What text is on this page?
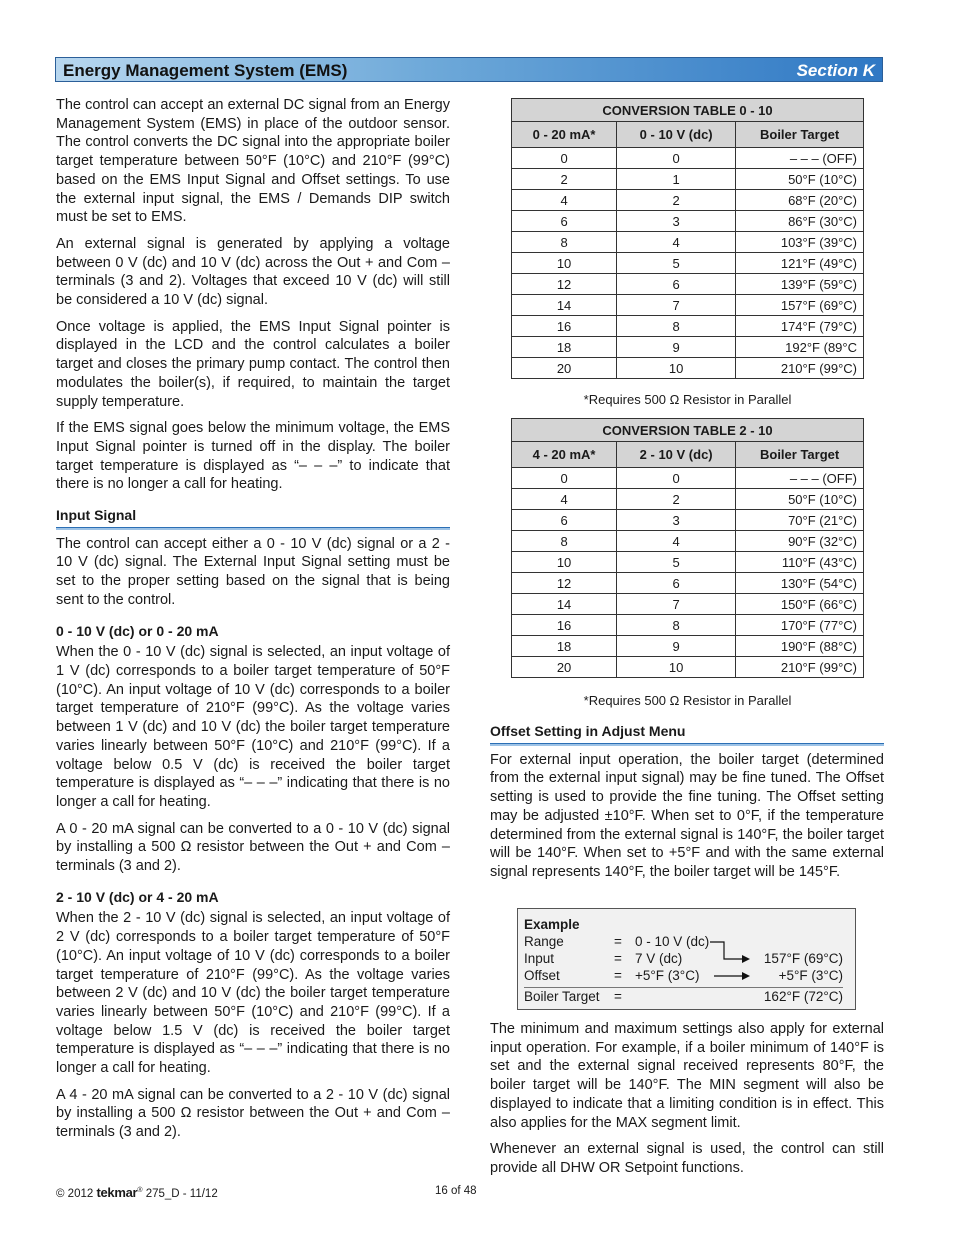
Energy Management System (EMS)	Section K

The control can accept an external DC signal from an Energy Management System (EMS) in place of the outdoor sensor. The control converts the DC signal into the appropriate boiler target temperature between 50°F (10°C) and 210°F (99°C) based on the EMS Input Signal and Offset settings. To use the external input signal, the EMS / Demands DIP switch must be set to EMS.

An external signal is generated by applying a voltage between 0 V (dc) and 10 V (dc) across the Out + and Com – terminals (3 and 2). Voltages that exceed 10 V (dc) will still be considered a 10 V (dc) signal.

Once voltage is applied, the EMS Input Signal pointer is displayed in the LCD and the control calculates a boiler target and closes the primary pump contact. The control then modulates the boiler(s), if required, to maintain the target supply temperature.

If the EMS signal goes below the minimum voltage, the EMS Input Signal pointer is turned off in the display. The boiler target temperature is displayed as “– – –” to indicate that there is no longer a call for heating.

Input Signal

The control can accept either a 0 - 10 V (dc) signal or a 2 - 10 V (dc) signal. The External Input Signal setting must be set to the proper setting based on the signal that is being sent to the control.

0 - 10 V (dc) or 0 - 20 mA

When the 0 - 10 V (dc) signal is selected, an input voltage of 1 V (dc) corresponds to a boiler target temperature of 50°F (10°C). An input voltage of 10 V (dc) corresponds to a boiler target temperature of 210°F (99°C). As the voltage varies between 1 V (dc) and 10 V (dc) the boiler target temperature varies linearly between 50°F (10°C) and 210°F (99°C). If a voltage below 0.5 V (dc) is received the boiler target temperature is displayed as “– – –” indicating that there is no longer a call for heating.

A 0 - 20 mA signal can be converted to a 0 - 10 V (dc) signal by installing a 500 Ω resistor between the Out + and Com – terminals (3 and 2).

2 - 10 V (dc) or 4 - 20 mA

When the 2 - 10 V (dc) signal is selected, an input voltage of 2 V (dc) corresponds to a boiler target temperature of 50°F (10°C). An input voltage of 10 V (dc) corresponds to a boiler target temperature of 210°F (99°C). As the voltage varies between 2 V (dc) and 10 V (dc) the boiler target temperature varies linearly between 50°F (10°C) and 210°F (99°C). If a voltage below 1.5 V (dc) is received the boiler target temperature is displayed as “– – –” indicating that there is no longer a call for heating.

A 4 - 20 mA signal can be converted to a 2 - 10 V (dc) signal by installing a 500 Ω resistor between the Out + and Com – terminals (3 and 2).

CONVERSION TABLE 0 - 10		
0 - 20 mA*	0 - 10 V (dc)	Boiler Target
0	0	– – – (OFF)
2	1	50°F (10°C)
4	2	68°F (20°C)
6	3	86°F (30°C)
8	4	103°F (39°C)
10	5	121°F (49°C)
12	6	139°F (59°C)
14	7	157°F (69°C)
16	8	174°F (79°C)
18	9	192°F (89°C
20	10	210°F (99°C)
*Requires 500 Ω Resistor in Parallel
CONVERSION TABLE 2 - 10		
4 - 20 mA*	2 - 10 V (dc)	Boiler Target
0	0	– – – (OFF)
4	2	50°F (10°C)
6	3	70°F (21°C)
8	4	90°F (32°C)
10	5	110°F (43°C)
12	6	130°F (54°C)
14	7	150°F (66°C)
16	8	170°F (77°C)
18	9	190°F (88°C)
20	10	210°F (99°C)
*Requires 500 Ω Resistor in Parallel
Offset Setting in Adjust Menu

For external input operation, the boiler target (determined from the external input signal) may be fine tuned. The Offset setting is used to provide the fine tuning. The Offset setting may be adjusted ±10°F. When set to 0°F, if the temperature determined from the external signal is 140°F, the boiler target will be 140°F. When set to +5°F and with the same external signal represents 140°F, the boiler target will be 145°F.

Example
Range	= 0 - 10 V (dc)
Input	= 7 V (dc)	157°F (69°C)
Offset	= +5°F (3°C)	+5°F (3°C)
Boiler Target =	162°F (72°C)

The minimum and maximum settings also apply for external input operation. For example, if a boiler minimum of 140°F is set and the external signal received represents 80°F, the boiler target will be 140°F. The MIN segment will also be displayed to indicate that a limiting condition is in effect. This also applies for the MAX segment limit.

Whenever an external signal is used, the control can still provide all DHW OR Setpoint functions.

© 2012 tekmar® 275_D - 11/12	16 of 48
